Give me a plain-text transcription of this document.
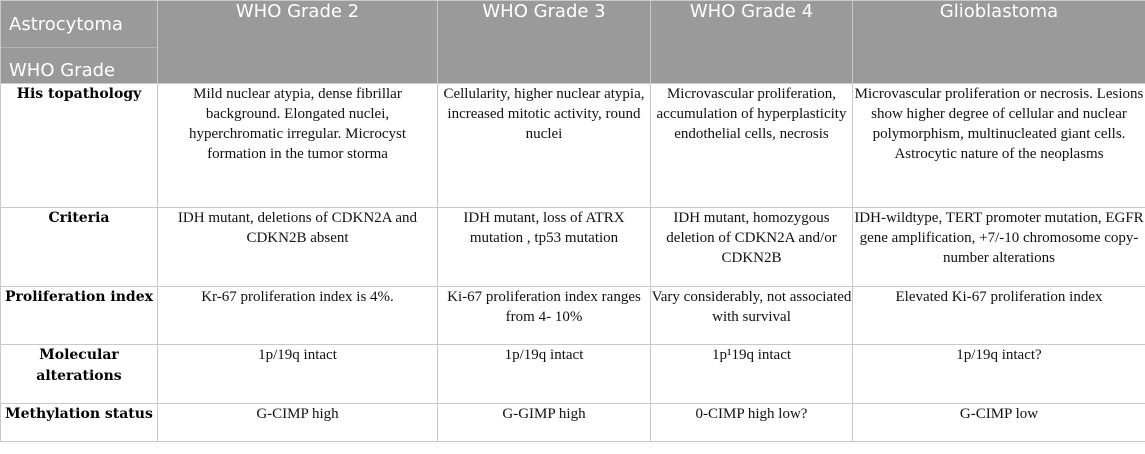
Astrocytoma
WHO Grade	WHO Grade 2	WHO Grade 3	WHO Grade 4	Glioblastoma
His topathology	Mild nuclear atypia, dense fibrillar background. Elongated nuclei, hyperchromatic irregular. Microcyst formation in the tumor storma	Cellularity, higher nuclear atypia, increased mitotic activity, round nuclei	Microvascular proliferation, accumulation of hyperplasticity endothelial cells, necrosis	Microvascular proliferation or necrosis. Lesions show higher degree of cellular and nuclear polymorphism, multinucleated giant cells. Astrocytic nature of the neoplasms
Criteria	IDH mutant, deletions of CDKN2A and CDKN2B absent	IDH mutant, loss of ATRX mutation , tp53 mutation	IDH mutant, homozygous deletion of CDKN2A and/or CDKN2B	IDH-wildtype, TERT promoter mutation, EGFR gene amplification, +7/-10 chromosome copy- number alterations
Proliferation index	Kr-67 proliferation index is 4%.	Ki-67 proliferation index ranges from 4- 10%	Vary considerably, not associated with survival	Elevated Ki-67 proliferation index
Molecular alterations	1p/19q intact	1p/19q intact	1p¹19q intact	1p/19q intact?
Methylation status	G-CIMP high	G-GIMP high	0-CIMP high low?	G-CIMP low
